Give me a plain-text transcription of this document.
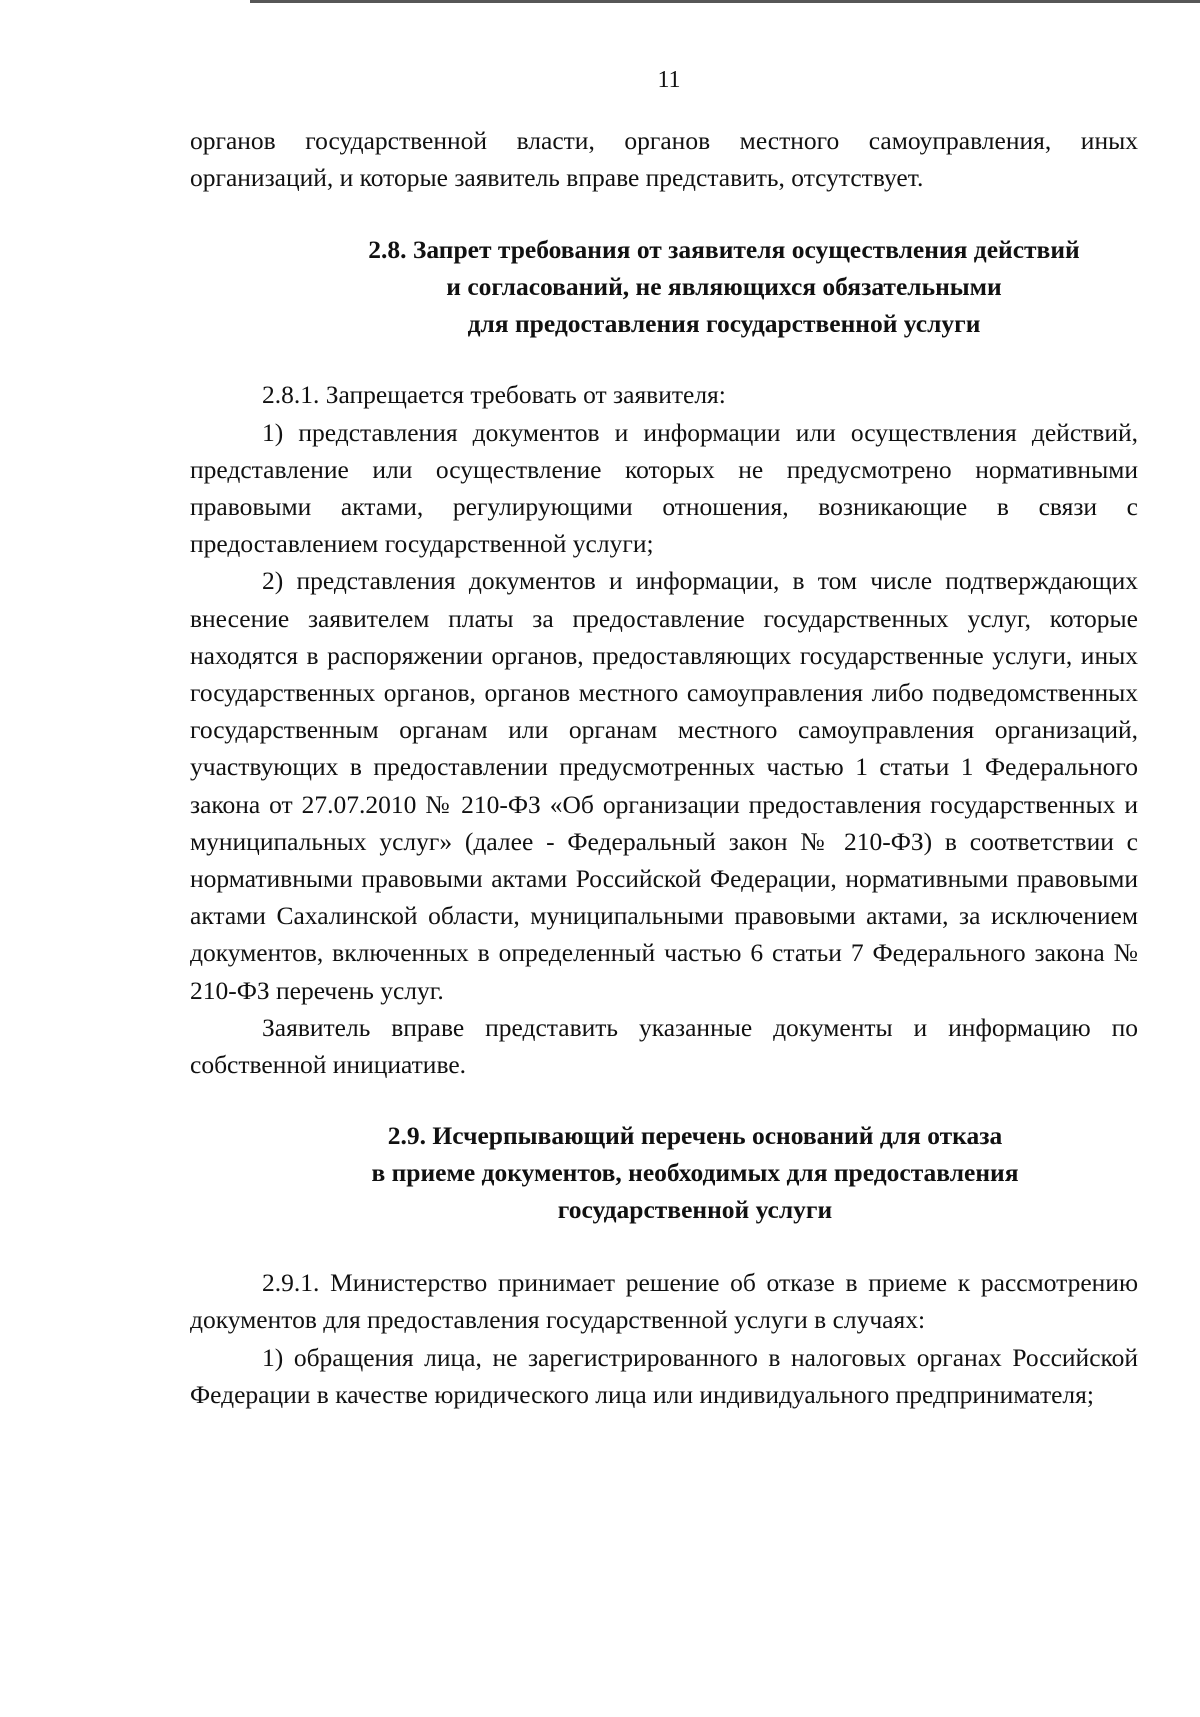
11

органов государственной власти, органов местного самоуправления, иных организаций, и которые заявитель вправе представить, отсутствует.

2.8. Запрет требования от заявителя осуществления действий
и согласований, не являющихся обязательными
для предоставления государственной услуги

2.8.1. Запрещается требовать от заявителя:

1) представления документов и информации или осуществления действий, представление или осуществление которых не предусмотрено нормативными правовыми актами, регулирующими отношения, возникающие в связи с предоставлением государственной услуги;

2) представления документов и информации, в том числе подтверждающих внесение заявителем платы за предоставление государственных услуг, которые находятся в распоряжении органов, предоставляющих государственные услуги, иных государственных органов, органов местного самоуправления либо подведомственных государственным органам или органам местного самоуправления организаций, участвующих в предоставлении предусмотренных частью 1 статьи 1 Федерального закона от 27.07.2010 № 210-ФЗ «Об организации предоставления государственных и муниципальных услуг» (далее - Федеральный закон № 210-ФЗ) в соответствии с нормативными правовыми актами Российской Федерации, нормативными правовыми актами Сахалинской области, муниципальными правовыми актами, за исключением документов, включенных в определенный частью 6 статьи 7 Федерального закона № 210-ФЗ перечень услуг.

Заявитель вправе представить указанные документы и информацию по собственной инициативе.

2.9. Исчерпывающий перечень оснований для отказа
в приеме документов, необходимых для предоставления
государственной услуги

2.9.1. Министерство принимает решение об отказе в приеме к рассмотрению документов для предоставления государственной услуги в случаях:

1) обращения лица, не зарегистрированного в налоговых органах Российской Федерации в качестве юридического лица или индивидуального предпринимателя;
